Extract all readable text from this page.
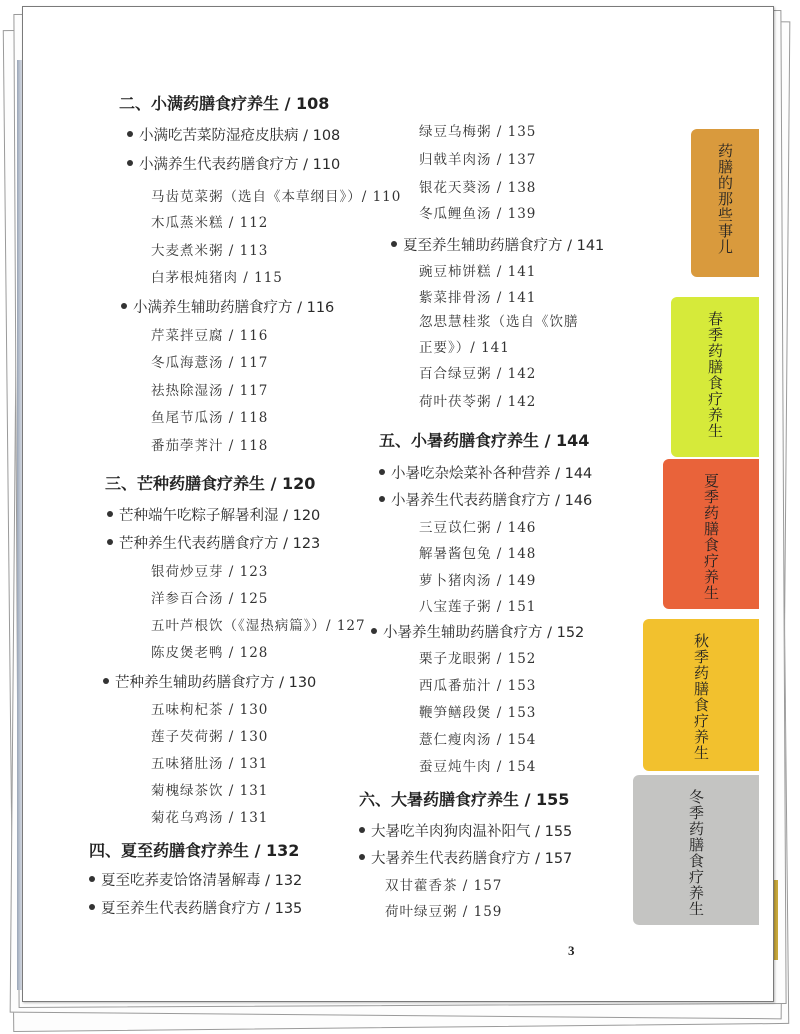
二、小满药膳食疗养生 / 108
小满吃苦菜防湿疮皮肤病 / 108
小满养生代表药膳食疗方 / 110
马齿苋菜粥（选自《本草纲目》）/ 110
木瓜蒸米糕 / 112
大麦煮米粥 / 113
白茅根炖猪肉 / 115
小满养生辅助药膳食疗方 / 116
芹菜拌豆腐 / 116
冬瓜海薏汤 / 117
祛热除湿汤 / 117
鱼尾节瓜汤 / 118
番茄荸荠汁 / 118
三、芒种药膳食疗养生 / 120
芒种端午吃粽子解暑利湿 / 120
芒种养生代表药膳食疗方 / 123
银荷炒豆芽 / 123
洋参百合汤 / 125
五叶芦根饮（《湿热病篇》）/ 127
陈皮煲老鸭 / 128
芒种养生辅助药膳食疗方 / 130
五味枸杞茶 / 130
莲子芡荷粥 / 130
五味猪肚汤 / 131
菊槐绿茶饮 / 131
菊花乌鸡汤 / 131
四、夏至药膳食疗养生 / 132
夏至吃荞麦饸饹清暑解毒 / 132
夏至养生代表药膳食疗方 / 135
绿豆乌梅粥 / 135
归戟羊肉汤 / 137
银花天葵汤 / 138
冬瓜鲤鱼汤 / 139
夏至养生辅助药膳食疗方 / 141
豌豆柿饼糕 / 141
紫菜排骨汤 / 141
忽思慧桂浆（选自《饮膳
正要》）/ 141
百合绿豆粥 / 142
荷叶茯苓粥 / 142
五、小暑药膳食疗养生 / 144
小暑吃杂烩菜补各种营养 / 144
小暑养生代表药膳食疗方 / 146
三豆苡仁粥 / 146
解暑酱包兔 / 148
萝卜猪肉汤 / 149
八宝莲子粥 / 151
小暑养生辅助药膳食疗方 / 152
栗子龙眼粥 / 152
西瓜番茄汁 / 153
鞭笋鳝段煲 / 153
薏仁瘦肉汤 / 154
蚕豆炖牛肉 / 154
六、大暑药膳食疗养生 / 155
大暑吃羊肉狗肉温补阳气 / 155
大暑养生代表药膳食疗方 / 157
双甘藿香茶 / 157
荷叶绿豆粥 / 159
药膳的那些事儿
春季药膳食疗养生
夏季药膳食疗养生
秋季药膳食疗养生
冬季药膳食疗养生
3
